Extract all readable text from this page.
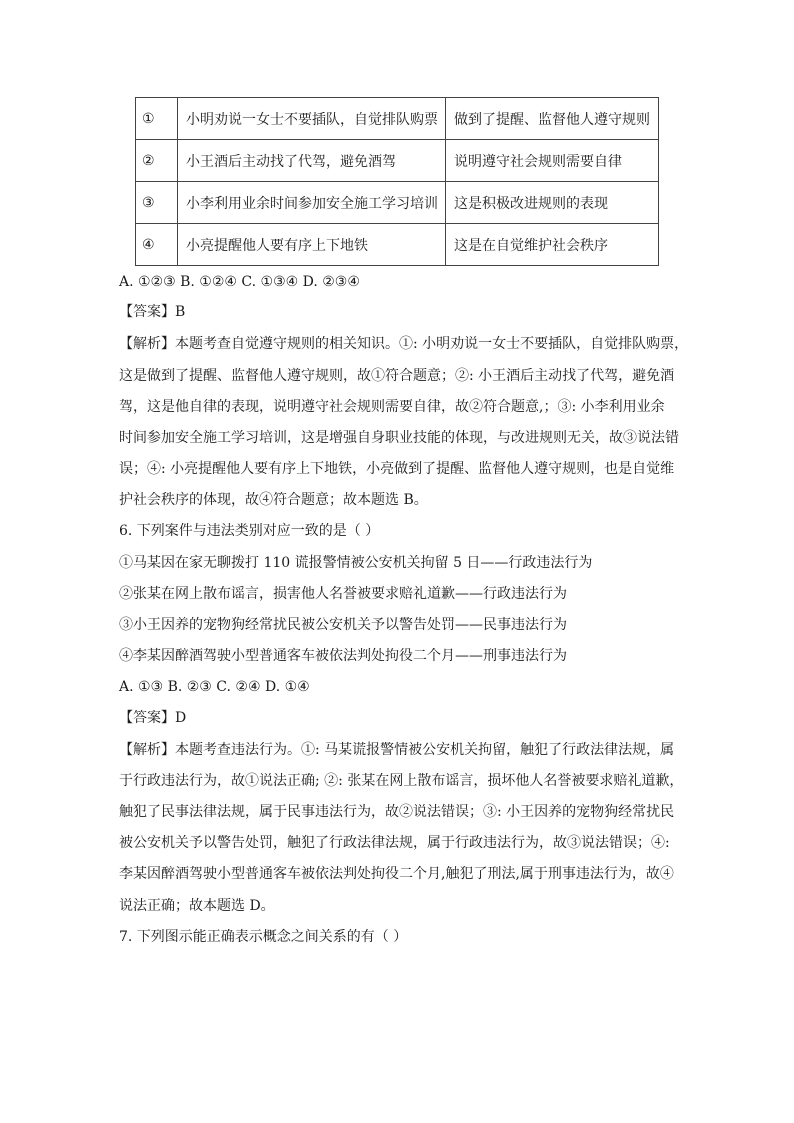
①	小明劝说一女士不要插队，自觉排队购票	做到了提醒、监督他人遵守规则
②	小王酒后主动找了代驾，避免酒驾	说明遵守社会规则需要自律
③	小李利用业余时间参加安全施工学习培训	这是积极改进规则的表现
④	小亮提醒他人要有序上下地铁	这是在自觉维护社会秩序
A. ①②③ B. ①②④ C. ①③④ D. ②③④
【答案】B
【解析】本题考查自觉遵守规则的相关知识。①: 小明劝说一女士不要插队，自觉排队购票，
这是做到了提醒、监督他人遵守规则，故①符合题意；②: 小王酒后主动找了代驾，避免酒
驾，这是他自律的表现，说明遵守社会规则需要自律，故②符合题意,；③: 小李利用业余
时间参加安全施工学习培训，这是增强自身职业技能的体现，与改进规则无关，故③说法错
误；④: 小亮提醒他人要有序上下地铁，小亮做到了提醒、监督他人遵守规则，也是自觉维
护社会秩序的体现，故④符合题意；故本题选 B。
6. 下列案件与违法类别对应一致的是（ ）
①马某因在家无聊拨打 110 谎报警情被公安机关拘留 5 日——行政违法行为
②张某在网上散布谣言，损害他人名誉被要求赔礼道歉——行政违法行为
③小王因养的宠物狗经常扰民被公安机关予以警告处罚——民事违法行为
④李某因醉酒驾驶小型普通客车被依法判处拘役二个月——刑事违法行为
A. ①③ B. ②③ C. ②④ D. ①④
【答案】D
【解析】本题考查违法行为。①: 马某谎报警情被公安机关拘留，触犯了行政法律法规，属
于行政违法行为，故①说法正确; ②: 张某在网上散布谣言，损坏他人名誉被要求赔礼道歉，
触犯了民事法律法规，属于民事违法行为，故②说法错误；③: 小王因养的宠物狗经常扰民
被公安机关予以警告处罚，触犯了行政法律法规，属于行政违法行为，故③说法错误；④:
李某因醉酒驾驶小型普通客车被依法判处拘役二个月,触犯了刑法,属于刑事违法行为，故④
说法正确；故本题选 D。
7. 下列图示能正确表示概念之间关系的有（ ）
